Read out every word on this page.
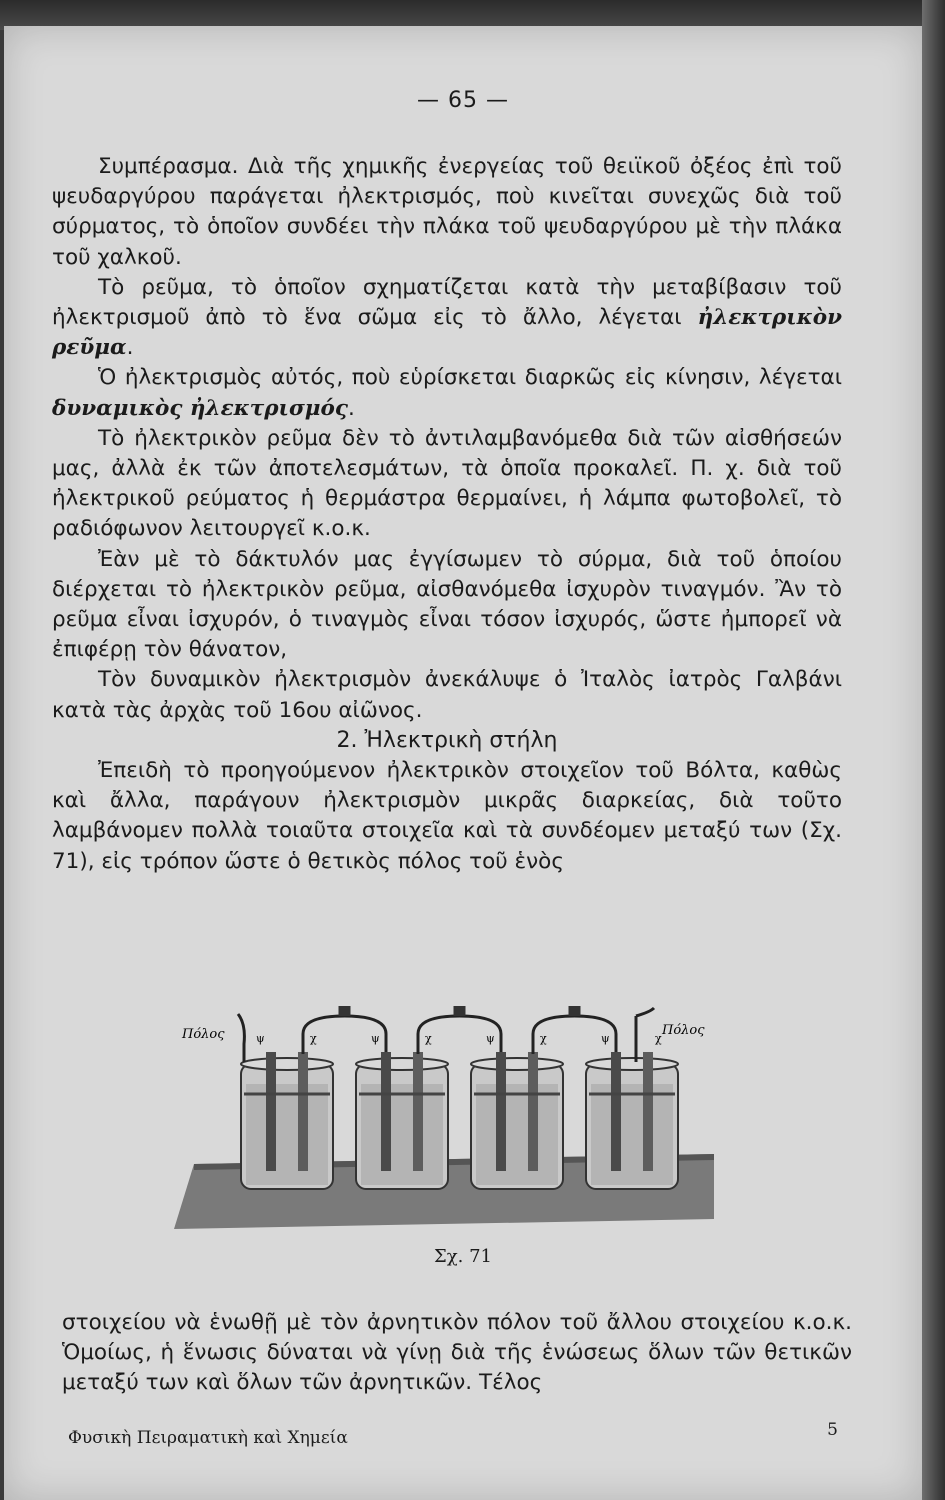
— 65 —

Συμπέρασμα. Διὰ τῆς χημικῆς ἐνεργείας τοῦ θειϊκοῦ ὀξέος ἐπὶ τοῦ ψευδαργύρου παράγεται ἠλεκτρισμός, ποὺ κινεῖται συνεχῶς διὰ τοῦ σύρματος, τὸ ὁποῖον συνδέει τὴν πλάκα τοῦ ψευδαργύρου μὲ τὴν πλάκα τοῦ χαλκοῦ.

Τὸ ρεῦμα, τὸ ὁποῖον σχηματίζεται κατὰ τὴν μεταβίβασιν τοῦ ἠλεκτρισμοῦ ἀπὸ τὸ ἕνα σῶμα εἰς τὸ ἄλλο, λέγεται ἠλεκτρικὸν ρεῦμα.

Ὁ ἠλεκτρισμὸς αὐτός, ποὺ εὑρίσκεται διαρκῶς εἰς κίνησιν, λέγεται δυναμικὸς ἠλεκτρισμός.

Τὸ ἠλεκτρικὸν ρεῦμα δὲν τὸ ἀντιλαμβανόμεθα διὰ τῶν αἰσθήσεών μας, ἀλλὰ ἐκ τῶν ἀποτελεσμάτων, τὰ ὁποῖα προκαλεῖ. Π. χ. διὰ τοῦ ἠλεκτρικοῦ ρεύματος ἡ θερμάστρα θερμαίνει, ἡ λάμπα φωτοβολεῖ, τὸ ραδιόφωνον λειτουργεῖ κ.ο.κ.

Ἐὰν μὲ τὸ δάκτυλόν μας ἐγγίσωμεν τὸ σύρμα, διὰ τοῦ ὁποίου διέρχεται τὸ ἠλεκτρικὸν ρεῦμα, αἰσθανόμεθα ἰσχυρὸν τιναγμόν. Ἂν τὸ ρεῦμα εἶναι ἰσχυρόν, ὁ τιναγμὸς εἶναι τόσον ἰσχυρός, ὥστε ἠμπορεῖ νὰ ἐπιφέρῃ τὸν θάνατον,

Τὸν δυναμικὸν ἠλεκτρισμὸν ἀνεκάλυψε ὁ Ἰταλὸς ἰατρὸς Γαλβάνι κατὰ τὰς ἀρχὰς τοῦ 16ου αἰῶνος.

2. Ἠλεκτρικὴ στήλη

Ἐπειδὴ τὸ προηγούμενον ἠλεκτρικὸν στοιχεῖον τοῦ Βόλτα, καθὼς καὶ ἄλλα, παράγουν ἠλεκτρισμὸν μικρᾶς διαρκείας, διὰ τοῦτο λαμβάνομεν πολλὰ τοιαῦτα στοιχεῖα καὶ τὰ συνδέομεν μεταξύ των (Σχ. 71), εἰς τρόπον ὥστε ὁ θετικὸς πόλος τοῦ ἑνὸς

ψ	χ	ψ	χ	ψ	χ	ψ	χ
Πόλος	Πόλος
Σχ. 71

στοιχείου νὰ ἑνωθῇ μὲ τὸν ἀρνητικὸν πόλον τοῦ ἄλλου στοιχείου κ.ο.κ. Ὁμοίως, ἡ ἕνωσις δύναται νὰ γίνῃ διὰ τῆς ἑνώσεως ὅλων τῶν θετικῶν μεταξύ των καὶ ὅλων τῶν ἀρνητικῶν. Τέλος

Φυσικὴ Πειραματικὴ καὶ Χημεία	5
